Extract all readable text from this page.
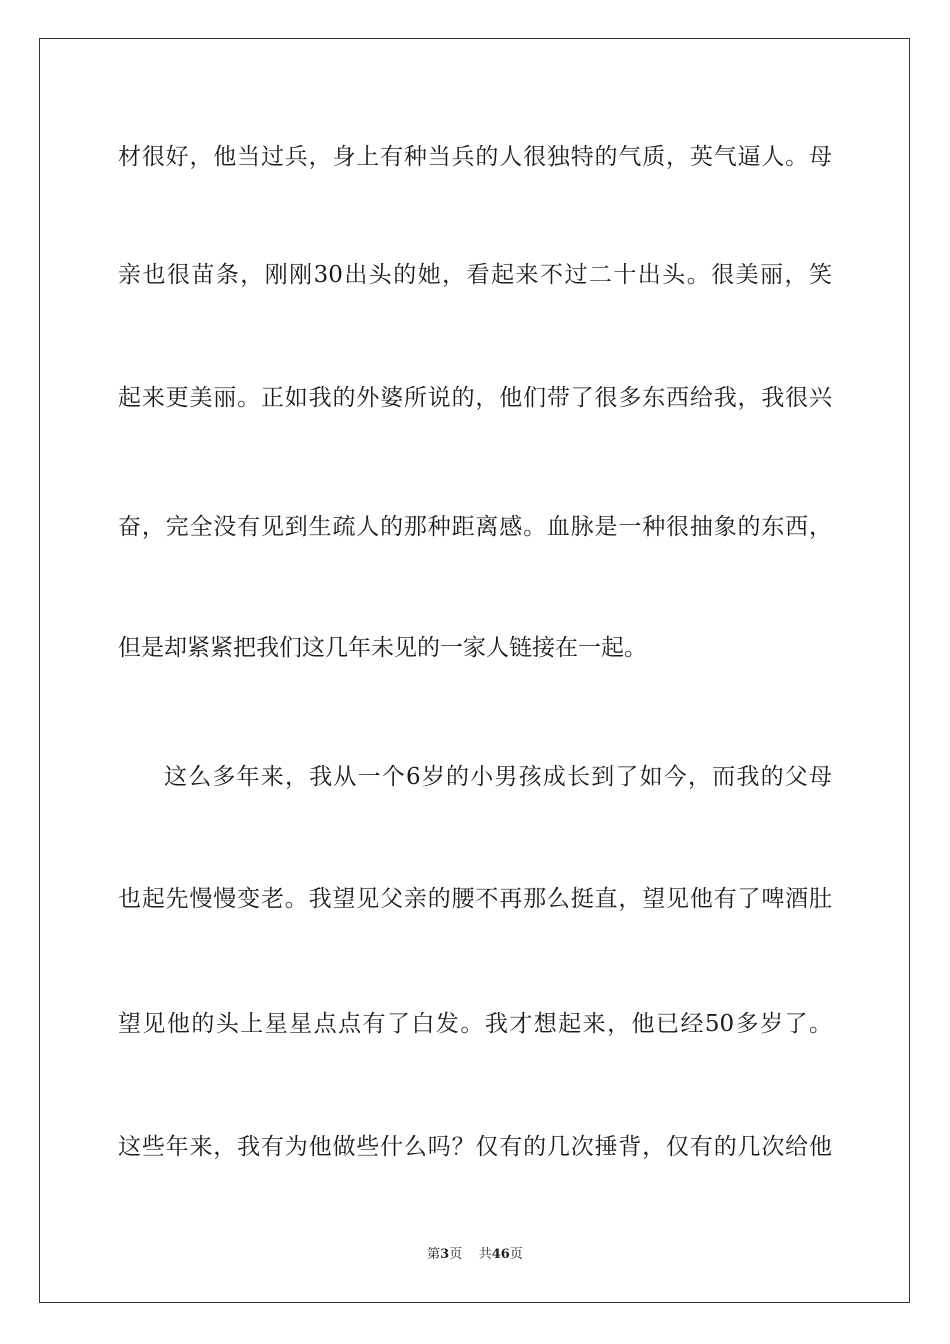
材很好，他当过兵，身上有种当兵的人很独特的气质，英气逼人。母
亲也很苗条，刚刚30出头的她，看起来不过二十出头。很美丽，笑
起来更美丽。正如我的外婆所说的，他们带了很多东西给我，我很兴
奋，完全没有见到生疏人的那种距离感。血脉是一种很抽象的东西，
但是却紧紧把我们这几年未见的一家人链接在一起。
这么多年来，我从一个6岁的小男孩成长到了如今，而我的父母
也起先慢慢变老。我望见父亲的腰不再那么挺直，望见他有了啤酒肚
望见他的头上星星点点有了白发。我才想起来，他已经50多岁了。
这些年来，我有为他做些什么吗？仅有的几次捶背，仅有的几次给他
第3页 共46页
